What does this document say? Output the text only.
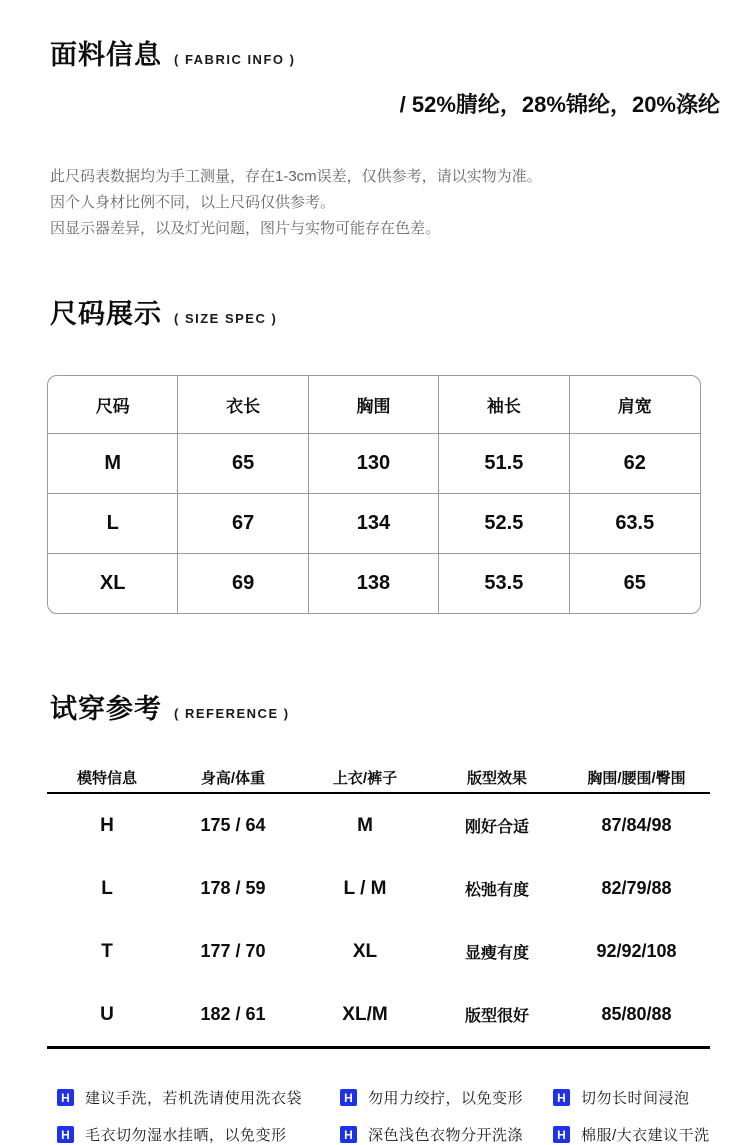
面料信息 ( FABRIC INFO )
/ 52%腈纶，28%锦纶，20%涤纶

此尺码表数据均为手工测量，存在1-3cm误差，仅供参考，请以实物为准。

因个人身材比例不同，以上尺码仅供参考。

因显示器差异，以及灯光问题，图片与实物可能存在色差。

尺码展示 ( SIZE SPEC )
尺码	衣长	胸围	袖长	肩宽
M	65	130	51.5	62
L	67	134	52.5	63.5
XL	69	138	53.5	65
试穿参考 ( REFERENCE )
模特信息	身高/体重	上衣/裤子	版型效果	胸围/腰围/臀围
H	175 / 64	M	刚好合适	87/84/98
L	178 / 59	L / M	松弛有度	82/79/88
T	177 / 70	XL	显瘦有度	92/92/108
U	182 / 61	XL/M	版型很好	85/80/88
H 建议手洗，若机洗请使用洗衣袋	H 勿用力绞拧，以免变形	H 切勿长时间浸泡
H 毛衣切勿湿水挂晒，以免变形	H 深色浅色衣物分开洗涤	H 棉服/大衣建议干洗
